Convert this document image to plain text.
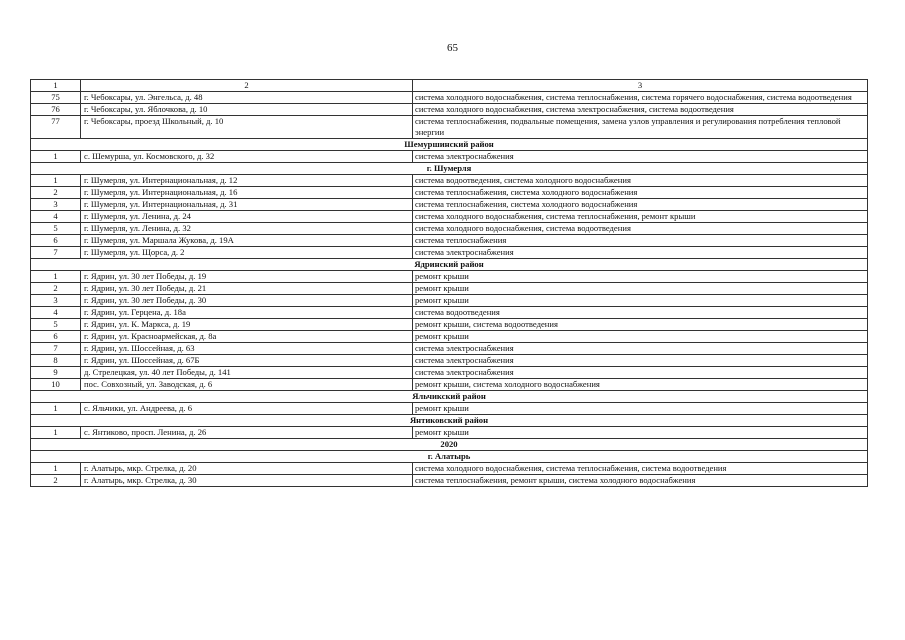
65
1	2	3
75	г. Чебоксары, ул. Энгельса, д. 48	система холодного водоснабжения, система теплоснабжения, система горячего водоснабжения, система водоотведения
76	г. Чебоксары, ул. Яблочкова, д. 10	система холодного водоснабжения, система электроснабжения, система водоотведения
77	г. Чебоксары, проезд Школьный, д. 10	система теплоснабжения, подвальные помещения, замена узлов управления и регулирования потребления тепловой энергии
Шемуршинский район		
1	с. Шемурша, ул. Космовского, д. 32	система электроснабжения
г. Шумерля		
1	г. Шумерля, ул. Интернациональная, д. 12	система водоотведения, система холодного водоснабжения
2	г. Шумерля, ул. Интернациональная, д. 16	система теплоснабжения, система холодного водоснабжения
3	г. Шумерля, ул. Интернациональная, д. 31	система теплоснабжения, система холодного водоснабжения
4	г. Шумерля, ул. Ленина, д. 24	система холодного водоснабжения, система теплоснабжения, ремонт крыши
5	г. Шумерля, ул. Ленина, д. 32	система холодного водоснабжения, система водоотведения
6	г. Шумерля, ул. Маршала Жукова, д. 19А	система теплоснабжения
7	г. Шумерля, ул. Щорса, д. 2	система электроснабжения
Ядринский район		
1	г. Ядрин, ул. 30 лет Победы, д. 19	ремонт крыши
2	г. Ядрин, ул. 30 лет Победы, д. 21	ремонт крыши
3	г. Ядрин, ул. 30 лет Победы, д. 30	ремонт крыши
4	г. Ядрин, ул. Герцена, д. 18а	система водоотведения
5	г. Ядрин, ул. К. Маркса, д. 19	ремонт крыши, система водоотведения
6	г. Ядрин, ул. Красноармейская, д. 8а	ремонт крыши
7	г. Ядрин, ул. Шоссейная, д. 63	система электроснабжения
8	г. Ядрин, ул. Шоссейная, д. 67Б	система электроснабжения
9	д. Стрелецкая, ул. 40 лет Победы, д. 141	система электроснабжения
10	пос. Совхозный, ул. Заводская, д. 6	ремонт крыши, система холодного водоснабжения
Яльчикский район		
1	с. Яльчики, ул. Андреева, д. 6	ремонт крыши
Янтиковский район		
1	с. Янтиково, просп. Ленина, д. 26	ремонт крыши
2020		
г. Алатырь		
1	г. Алатырь, мкр. Стрелка, д. 20	система холодного водоснабжения, система теплоснабжения, система водоотведения
2	г. Алатырь, мкр. Стрелка, д. 30	система теплоснабжения, ремонт крыши, система холодного водоснабжения
